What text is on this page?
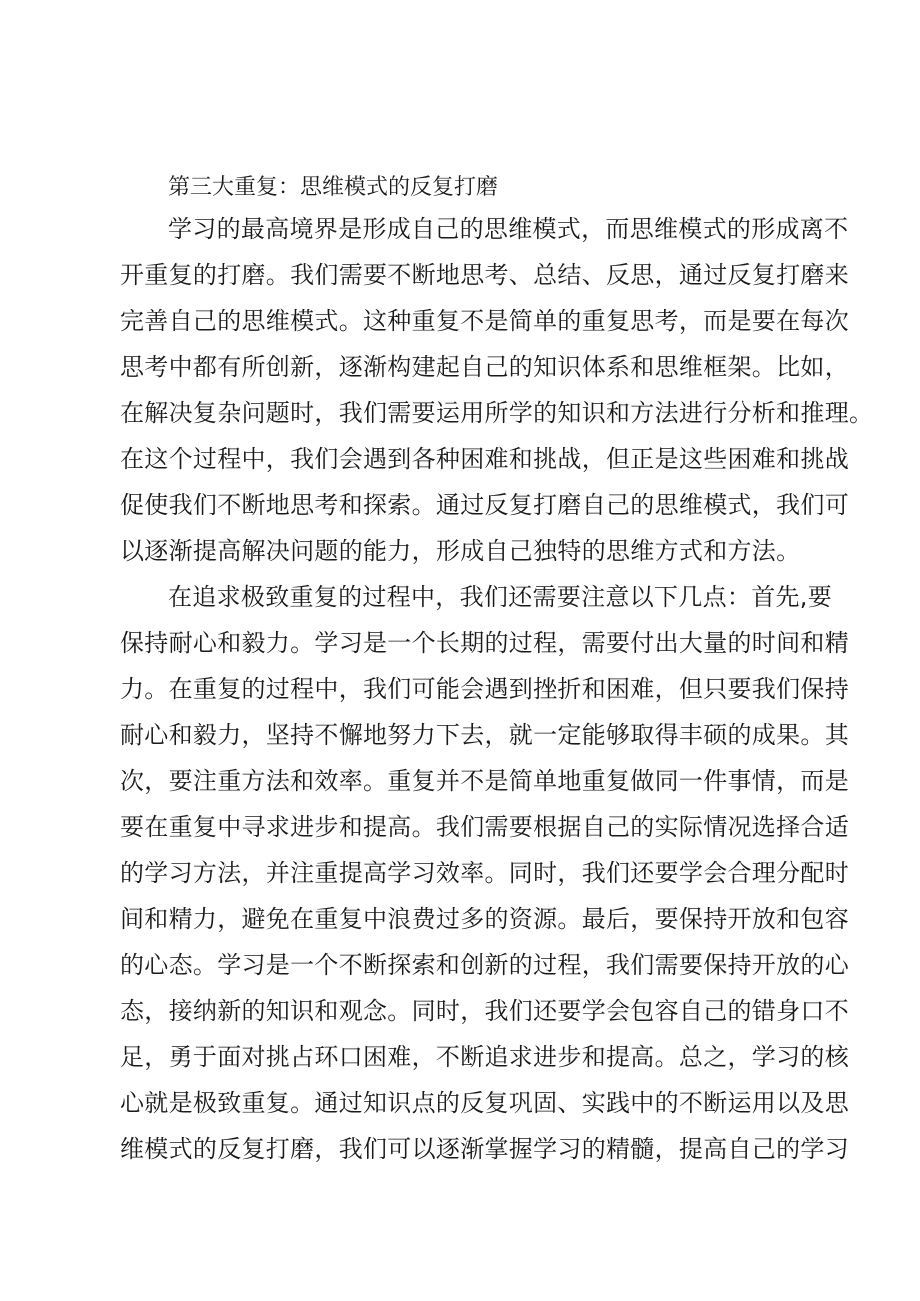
第三大重复：思维模式的反复打磨
学习的最高境界是形成自己的思维模式，而思维模式的形成离不
开重复的打磨。我们需要不断地思考、总结、反思，通过反复打磨来
完善自己的思维模式。这种重复不是简单的重复思考，而是要在每次
思考中都有所创新，逐渐构建起自己的知识体系和思维框架。比如，
在解决复杂问题时，我们需要运用所学的知识和方法进行分析和推理。
在这个过程中，我们会遇到各种困难和挑战，但正是这些困难和挑战
促使我们不断地思考和探索。通过反复打磨自己的思维模式，我们可
以逐渐提高解决问题的能力，形成自己独特的思维方式和方法。
在追求极致重复的过程中，我们还需要注意以下几点：首先,要
保持耐心和毅力。学习是一个长期的过程，需要付出大量的时间和精
力。在重复的过程中，我们可能会遇到挫折和困难，但只要我们保持
耐心和毅力，坚持不懈地努力下去，就一定能够取得丰硕的成果。其
次，要注重方法和效率。重复并不是简单地重复做同一件事情，而是
要在重复中寻求进步和提高。我们需要根据自己的实际情况选择合适
的学习方法，并注重提高学习效率。同时，我们还要学会合理分配时
间和精力，避免在重复中浪费过多的资源。最后，要保持开放和包容
的心态。学习是一个不断探索和创新的过程，我们需要保持开放的心
态，接纳新的知识和观念。同时，我们还要学会包容自己的错身口不
足，勇于面对挑占环口困难，不断追求进步和提高。总之，学习的核
心就是极致重复。通过知识点的反复巩固、实践中的不断运用以及思
维模式的反复打磨，我们可以逐渐掌握学习的精髓，提高自己的学习
